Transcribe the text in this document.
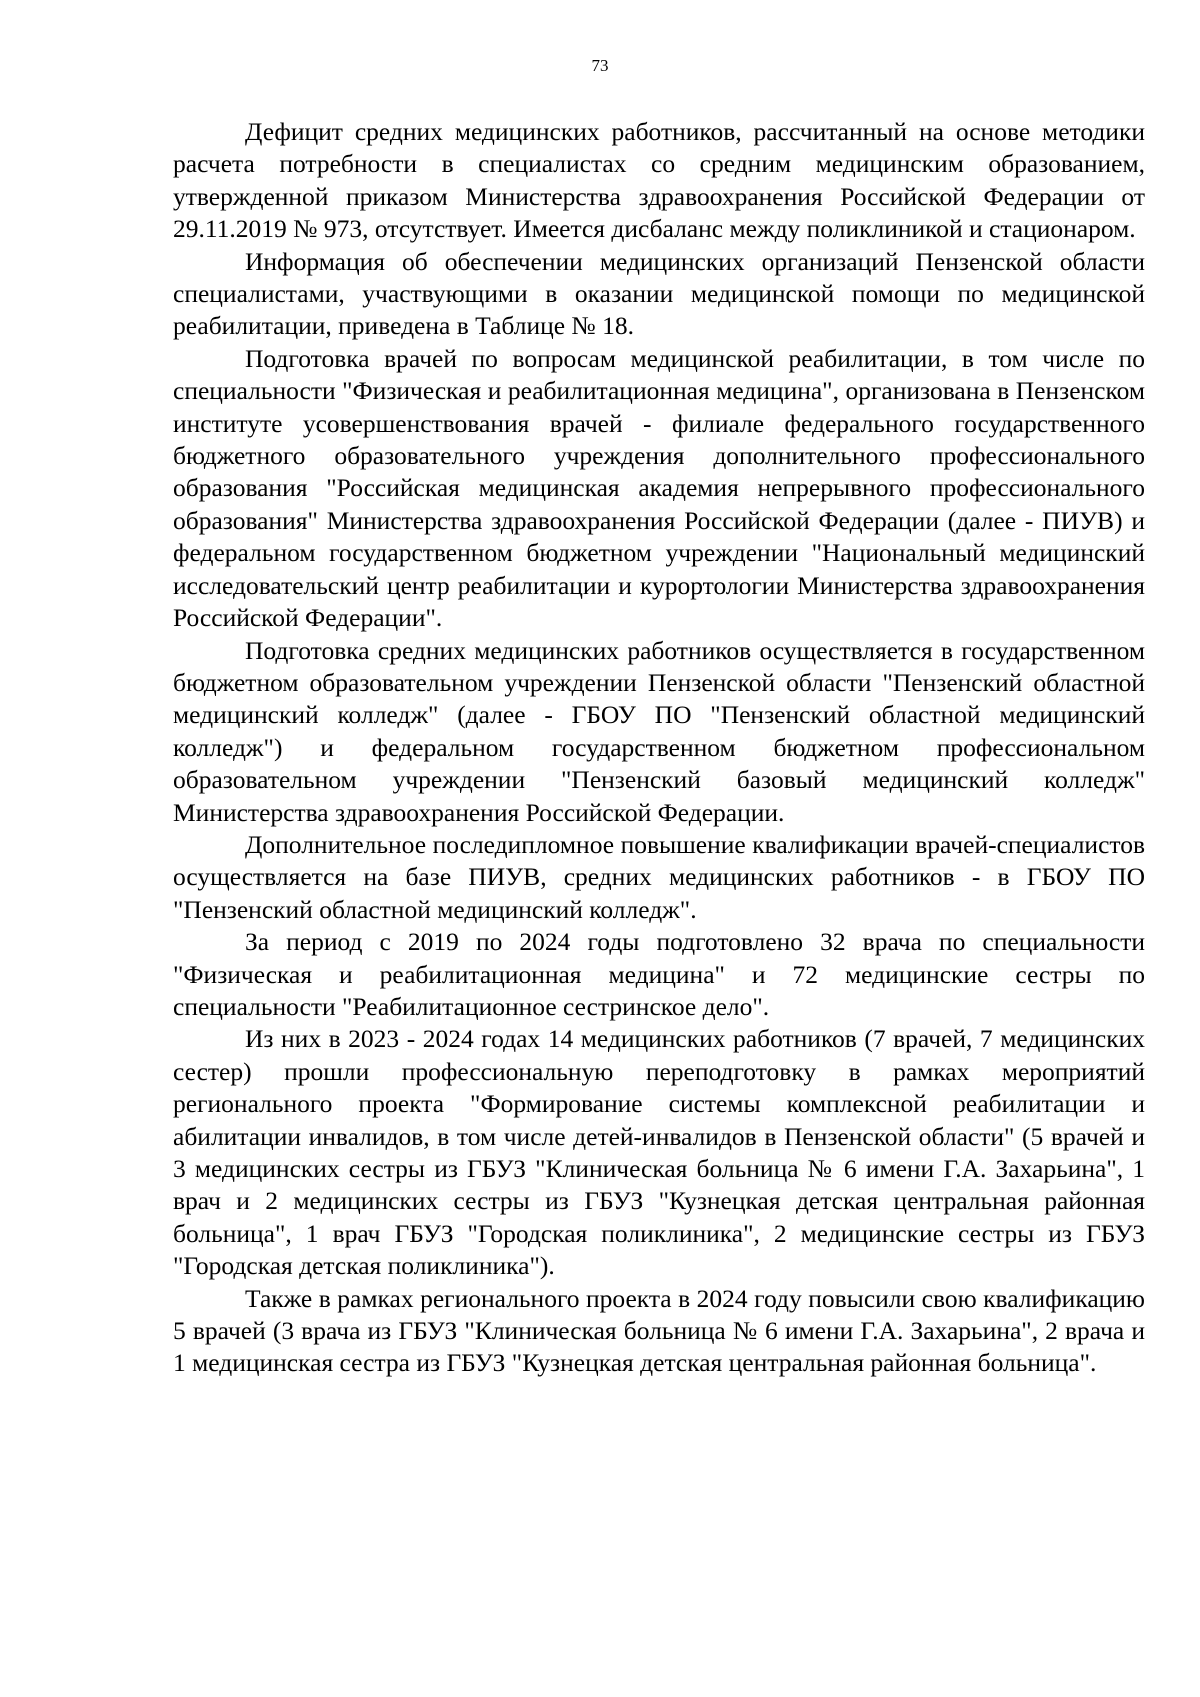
73

Дефицит средних медицинских работников, рассчитанный на основе методики расчета потребности в специалистах со средним медицинским образованием, утвержденной приказом Министерства здравоохранения Российской Федерации от 29.11.2019 № 973, отсутствует. Имеется дисбаланс между поликлиникой и стационаром.

Информация об обеспечении медицинских организаций Пензенской области специалистами, участвующими в оказании медицинской помощи по медицинской реабилитации, приведена в Таблице № 18.

Подготовка врачей по вопросам медицинской реабилитации, в том числе по специальности "Физическая и реабилитационная медицина", организована в Пензенском институте усовершенствования врачей - филиале федерального государственного бюджетного образовательного учреждения дополнительного профессионального образования "Российская медицинская академия непрерывного профессионального образования" Министерства здравоохранения Российской Федерации (далее - ПИУВ) и федеральном государственном бюджетном учреждении "Национальный медицинский исследовательский центр реабилитации и курортологии Министерства здравоохранения Российской Федерации".

Подготовка средних медицинских работников осуществляется в государственном бюджетном образовательном учреждении Пензенской области "Пензенский областной медицинский колледж" (далее - ГБОУ ПО "Пензенский областной медицинский колледж") и федеральном государственном бюджетном профессиональном образовательном учреждении "Пензенский базовый медицинский колледж" Министерства здравоохранения Российской Федерации.

Дополнительное последипломное повышение квалификации врачей-специалистов осуществляется на базе ПИУВ, средних медицинских работников - в ГБОУ ПО "Пензенский областной медицинский колледж".

За период с 2019 по 2024 годы подготовлено 32 врача по специальности "Физическая и реабилитационная медицина" и 72 медицинские сестры по специальности "Реабилитационное сестринское дело".

Из них в 2023 - 2024 годах 14 медицинских работников (7 врачей, 7 медицинских сестер) прошли профессиональную переподготовку в рамках мероприятий регионального проекта "Формирование системы комплексной реабилитации и абилитации инвалидов, в том числе детей-инвалидов в Пензенской области" (5 врачей и 3 медицинских сестры из ГБУЗ "Клиническая больница № 6 имени Г.А. Захарьина", 1 врач и 2 медицинских сестры из ГБУЗ "Кузнецкая детская центральная районная больница", 1 врач ГБУЗ "Городская поликлиника", 2 медицинские сестры из ГБУЗ "Городская детская поликлиника").

Также в рамках регионального проекта в 2024 году повысили свою квалификацию 5 врачей (3 врача из ГБУЗ "Клиническая больница № 6 имени Г.А. Захарьина", 2 врача и 1 медицинская сестра из ГБУЗ "Кузнецкая детская центральная районная больница".
